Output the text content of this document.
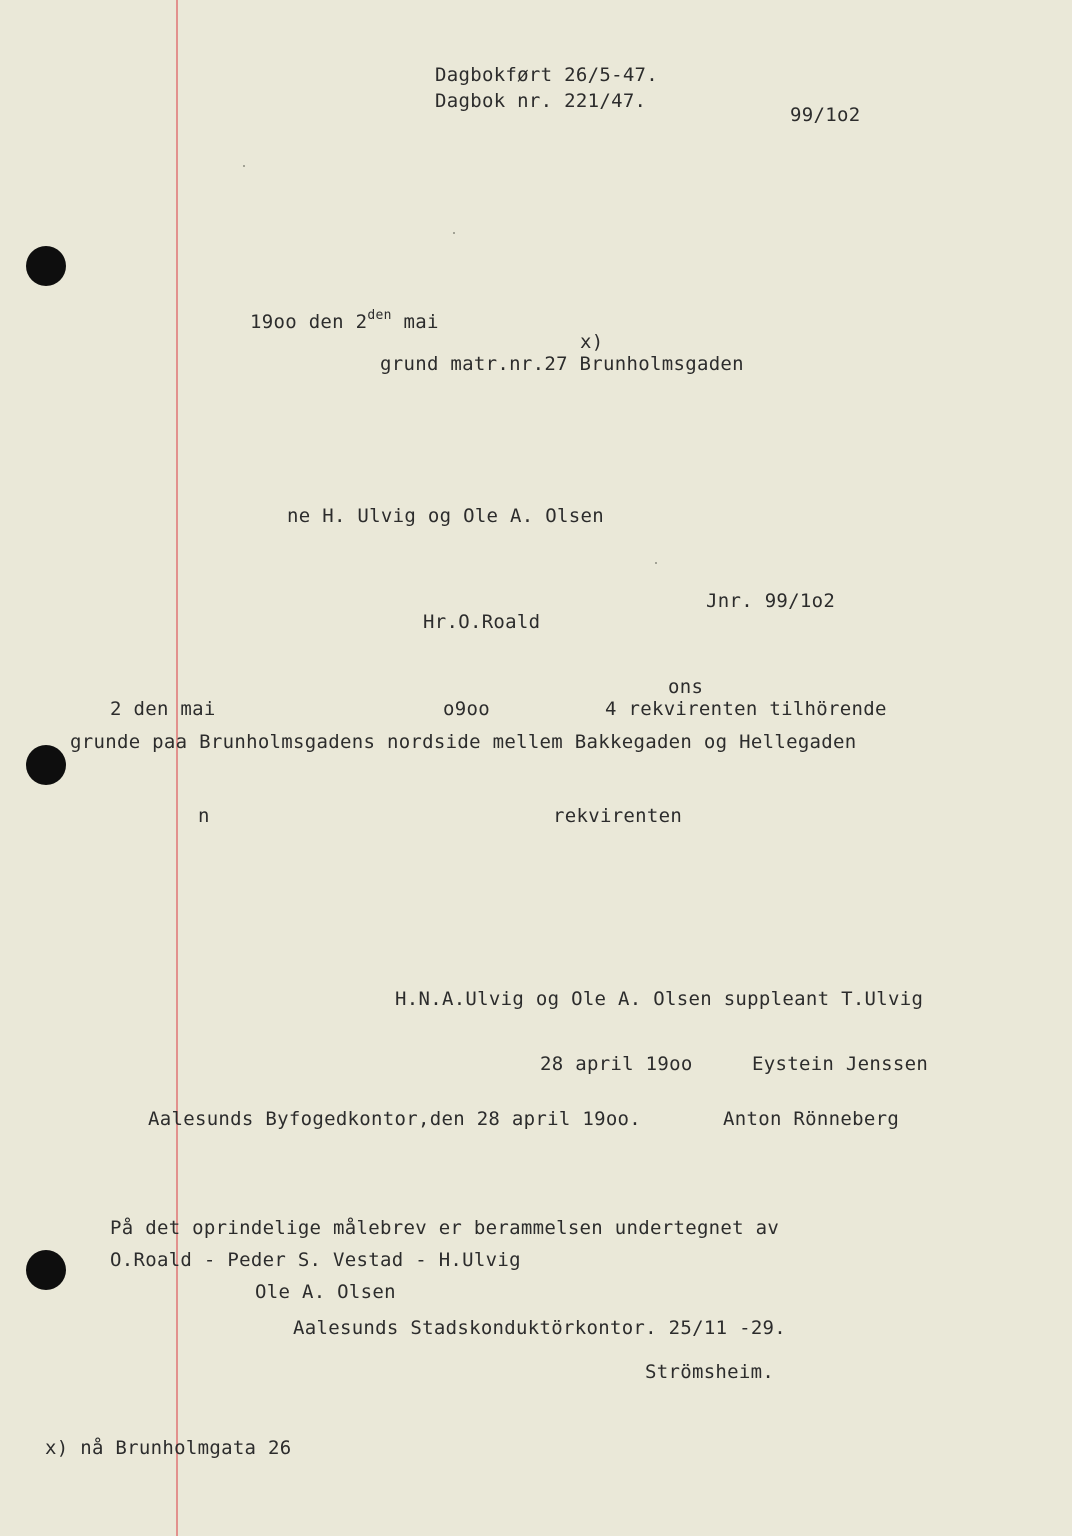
Dagbokført 26/5-47.

Dagbok nr. 221/47.

99/1o2

19oo den $2^{den}$ mai

x)

grund matr.nr.27 Brunholmsgaden

ne H. Ulvig og Ole A. Olsen

Jnr. 99/1o2

Hr.O.Roald

ons

2 den mai	o9oo	4 rekvirenten tilhörende

grunde paa Brunholmsgadens nordside mellem Bakkegaden og Hellegaden

n	rekvirenten

H.N.A.Ulvig og Ole A. Olsen suppleant T.Ulvig

28 april 19oo	Eystein Jenssen

Aalesunds Byfogedkontor,den 28 april 19oo.	Anton Rönneberg

På det oprindelige målebrev er berammelsen undertegnet av

O.Roald - Peder S. Vestad - H.Ulvig

Ole A. Olsen

Aalesunds Stadskonduktörkontor. 25/11 -29.

Strömsheim.

x) nå Brunholmgata 26
